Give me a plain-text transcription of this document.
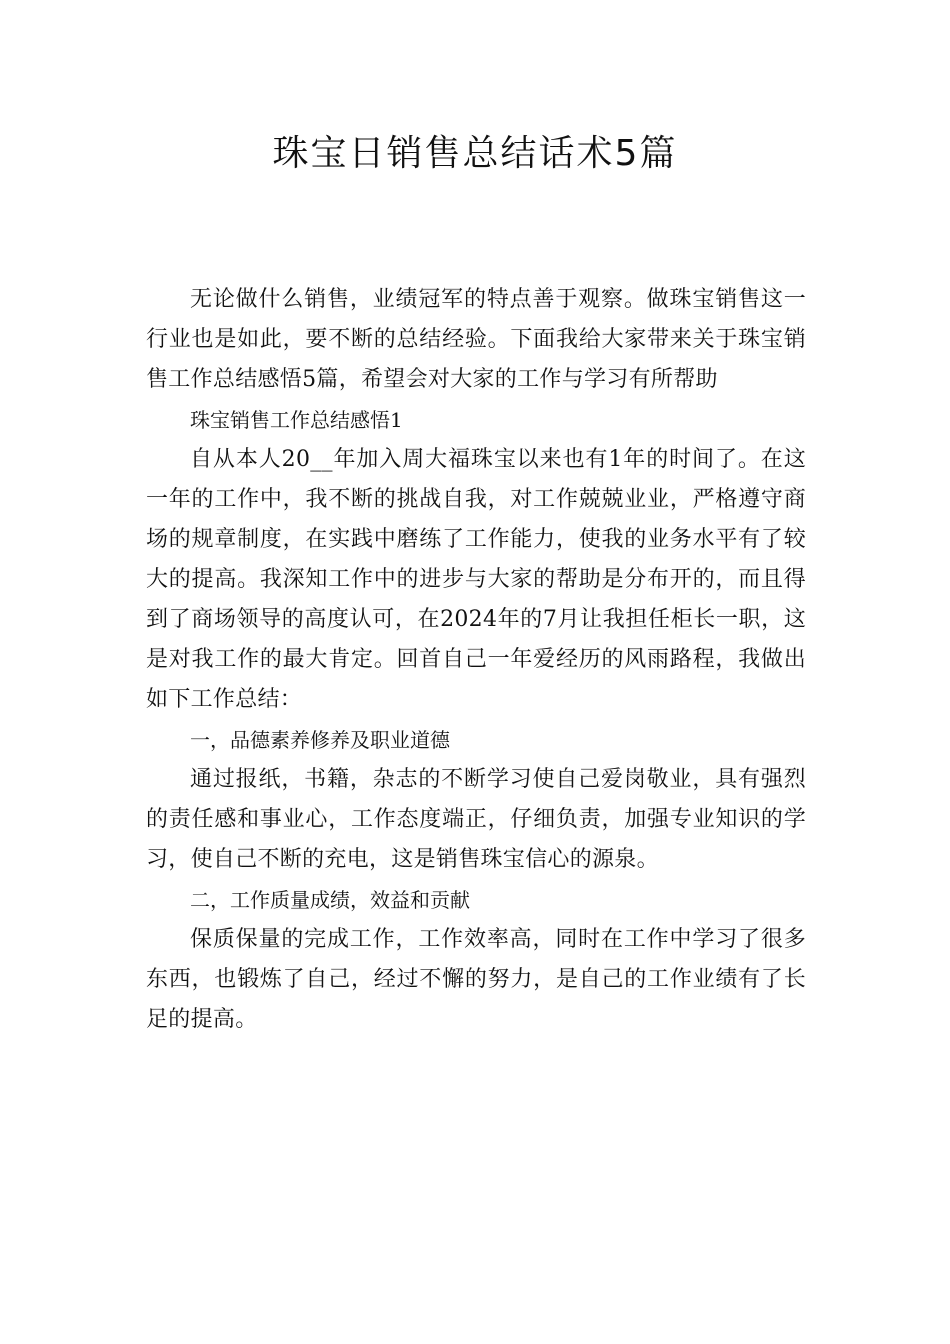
珠宝日销售总结话术5篇

无论做什么销售，业绩冠军的特点善于观察。做珠宝销售这一行业也是如此，要不断的总结经验。下面我给大家带来关于珠宝销售工作总结感悟5篇，希望会对大家的工作与学习有所帮助

珠宝销售工作总结感悟1

自从本人20__年加入周大福珠宝以来也有1年的时间了。在这一年的工作中，我不断的挑战自我，对工作兢兢业业，严格遵守商场的规章制度，在实践中磨练了工作能力，使我的业务水平有了较大的提高。我深知工作中的进步与大家的帮助是分布开的，而且得到了商场领导的高度认可，在2024年的7月让我担任柜长一职，这是对我工作的最大肯定。回首自己一年爱经历的风雨路程，我做出如下工作总结：

一，品德素养修养及职业道德

通过报纸，书籍，杂志的不断学习使自己爱岗敬业，具有强烈的责任感和事业心，工作态度端正，仔细负责，加强专业知识的学习，使自己不断的充电，这是销售珠宝信心的源泉。

二，工作质量成绩，效益和贡献

保质保量的完成工作，工作效率高，同时在工作中学习了很多东西，也锻炼了自己，经过不懈的努力，是自己的工作业绩有了长足的提高。
